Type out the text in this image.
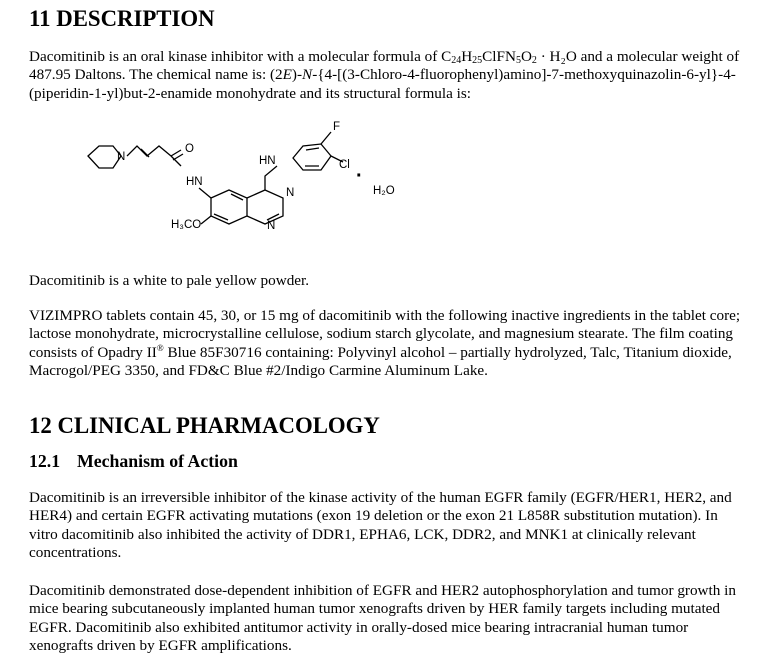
11 DESCRIPTION

Dacomitinib is an oral kinase inhibitor with a molecular formula of $C_{24}H_{25}ClFN_5O_2 \cdot H_2O$ and a molecular weight of 487.95 Daltons. The chemical name is: (2E)-N-{4-[(3-Chloro-4-fluorophenyl)amino]-7-methoxyquinazolin-6-yl}-4-(piperidin-1-yl)but-2-enamide monohydrate and its structural formula is:

F
Cl
N
O
HN
HN
N
N
H₃CO
·
H₂O

Dacomitinib is a white to pale yellow powder.

VIZIMPRO tablets contain 45, 30, or 15 mg of dacomitinib with the following inactive ingredients in the tablet core; lactose monohydrate, microcrystalline cellulose, sodium starch glycolate, and magnesium stearate. The film coating consists of Opadry II® Blue 85F30716 containing: Polyvinyl alcohol – partially hydrolyzed, Talc, Titanium dioxide, Macrogol/PEG 3350, and FD&C Blue #2/Indigo Carmine Aluminum Lake.

12 CLINICAL PHARMACOLOGY
12.1 Mechanism of Action

Dacomitinib is an irreversible inhibitor of the kinase activity of the human EGFR family (EGFR/HER1, HER2, and HER4) and certain EGFR activating mutations (exon 19 deletion or the exon 21 L858R substitution mutation). In vitro dacomitinib also inhibited the activity of DDR1, EPHA6, LCK, DDR2, and MNK1 at clinically relevant concentrations.

Dacomitinib demonstrated dose-dependent inhibition of EGFR and HER2 autophosphorylation and tumor growth in mice bearing subcutaneously implanted human tumor xenografts driven by HER family targets including mutated EGFR. Dacomitinib also exhibited antitumor activity in orally-dosed mice bearing intracranial human tumor xenografts driven by EGFR amplifications.
